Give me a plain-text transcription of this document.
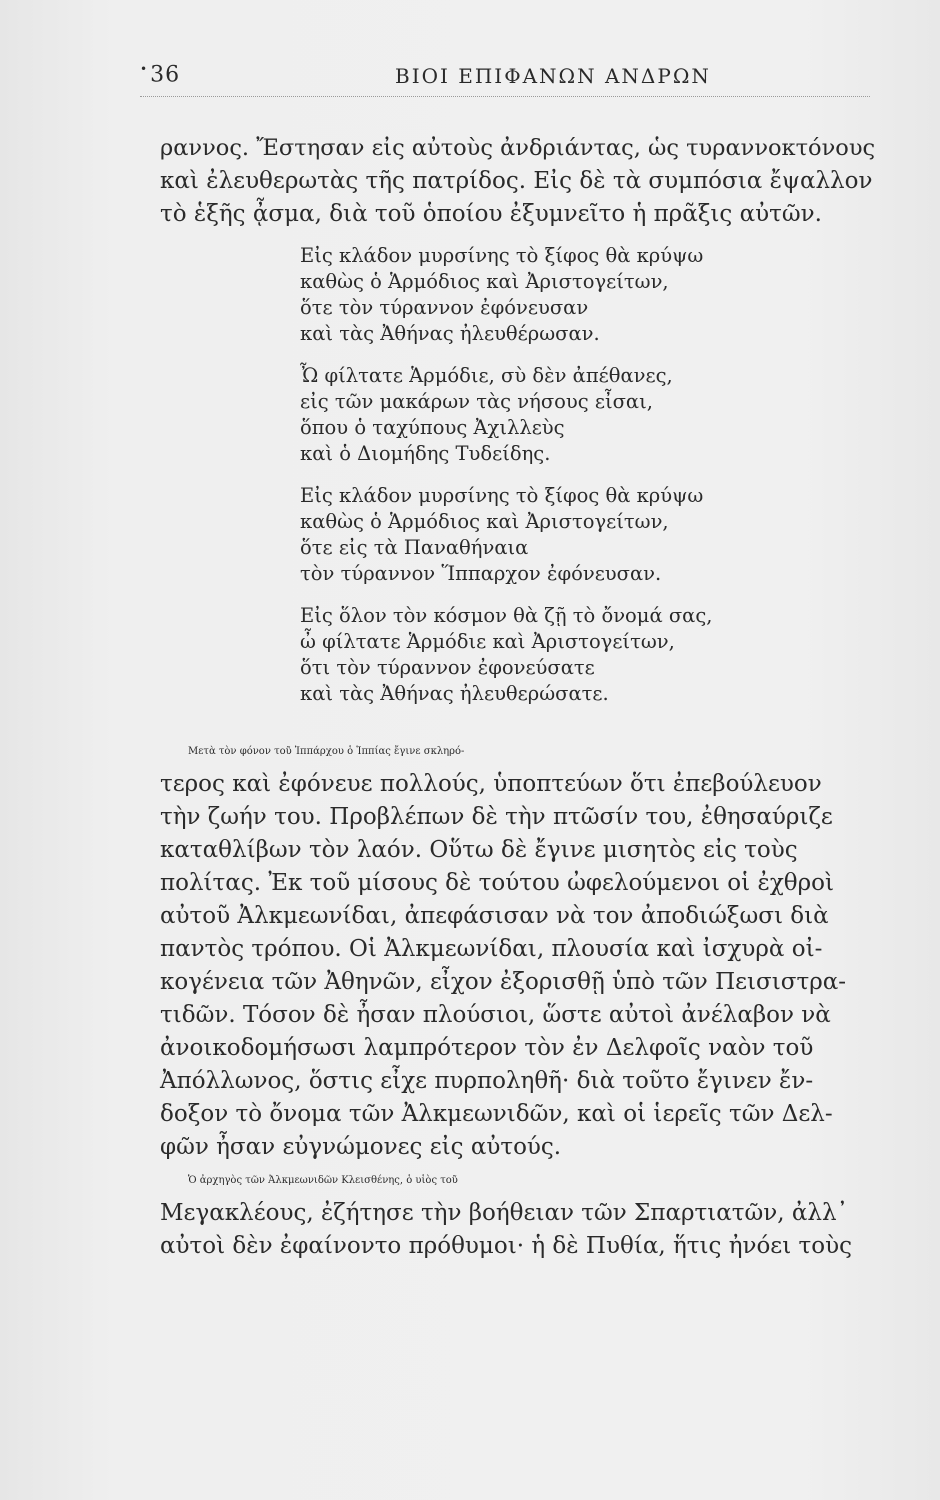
•36	ΒΙΟΙ ΕΠΙΦΑΝΩΝ ΑΝΔΡΩΝ
ραννος. Ἔστησαν εἰς αὐτοὺς ἀνδριάντας, ὡς τυραννοκτόνους
καὶ ἐλευθερωτὰς τῆς πατρίδος. Εἰς δὲ τὰ συμπόσια ἔψαλλον
τὸ ἑξῆς ᾆσμα, διὰ τοῦ ὁποίου ἐξυμνεῖτο ἡ πρᾶξις αὐτῶν.
Εἰς κλάδον μυρσίνης τὸ ξίφος θὰ κρύψω
καθὼς ὁ Ἁρμόδιος καὶ Ἀριστογείτων,
ὅτε τὸν τύραννον ἐφόνευσαν
καὶ τὰς Ἀθήνας ἠλευθέρωσαν.
Ὦ φίλτατε Ἁρμόδιε, σὺ δὲν ἀπέθανες,
εἰς τῶν μακάρων τὰς νήσους εἶσαι,
ὅπου ὁ ταχύπους Ἀχιλλεὺς
καὶ ὁ Διομήδης Τυδείδης.
Εἰς κλάδον μυρσίνης τὸ ξίφος θὰ κρύψω
καθὼς ὁ Ἁρμόδιος καὶ Ἀριστογείτων,
ὅτε εἰς τὰ Παναθήναια
τὸν τύραννον Ἵππαρχον ἐφόνευσαν.
Εἰς ὅλον τὸν κόσμον θὰ ζῇ τὸ ὄνομά σας,
ὦ φίλτατε Ἁρμόδιε καὶ Ἀριστογείτων,
ὅτι τὸν τύραννον ἐφονεύσατε
καὶ τὰς Ἀθήνας ἠλευθερώσατε.
Μετὰ τὸν φόνον τοῦ Ἱππάρχου ὁ Ἱππίας ἔγινε σκληρό-
τερος καὶ ἐφόνευε πολλούς, ὑποπτεύων ὅτι ἐπεβούλευον
τὴν ζωήν του. Προβλέπων δὲ τὴν πτῶσίν του, ἐθησαύριζε
καταθλίβων τὸν λαόν. Οὕτω δὲ ἔγινε μισητὸς εἰς τοὺς
πολίτας. Ἐκ τοῦ μίσους δὲ τούτου ὠφελούμενοι οἱ ἐχθροὶ
αὐτοῦ Ἀλκμεωνίδαι, ἀπεφάσισαν νὰ τον ἀποδιώξωσι διὰ
παντὸς τρόπου. Οἱ Ἀλκμεωνίδαι, πλουσία καὶ ἰσχυρὰ οἰ-
κογένεια τῶν Ἀθηνῶν, εἶχον ἐξορισθῇ ὑπὸ τῶν Πεισιστρα-
τιδῶν. Τόσον δὲ ἦσαν πλούσιοι, ὥστε αὐτοὶ ἀνέλαβον νὰ
ἀνοικοδομήσωσι λαμπρότερον τὸν ἐν Δελφοῖς ναὸν τοῦ
Ἀπόλλωνος, ὅστις εἶχε πυρποληθῆ· διὰ τοῦτο ἔγινεν ἔν-
δοξον τὸ ὄνομα τῶν Ἀλκμεωνιδῶν, καὶ οἱ ἱερεῖς τῶν Δελ-
φῶν ἦσαν εὐγνώμονες εἰς αὐτούς.
Ὁ ἀρχηγὸς τῶν Ἀλκμεωνιδῶν Κλεισθένης, ὁ υἱὸς τοῦ
Μεγακλέους, ἐζήτησε τὴν βοήθειαν τῶν Σπαρτιατῶν, ἀλλ᾽
αὐτοὶ δὲν ἐφαίνοντο πρόθυμοι· ἡ δὲ Πυθία, ἥτις ἠνόει τοὺς
